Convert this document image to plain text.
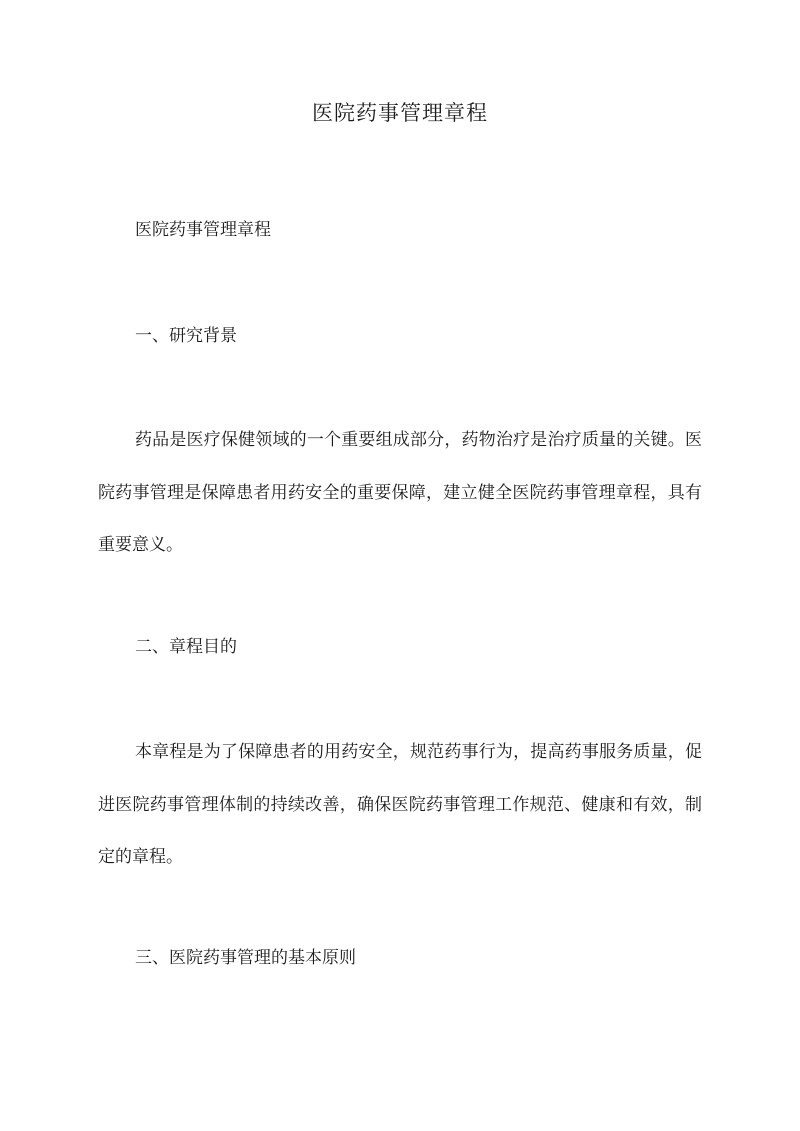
医院药事管理章程

医院药事管理章程

一、研究背景

药品是医疗保健领域的一个重要组成部分，药物治疗是治疗质量的关键。医院药事管理是保障患者用药安全的重要保障，建立健全医院药事管理章程，具有重要意义。

二、章程目的

本章程是为了保障患者的用药安全，规范药事行为，提高药事服务质量，促进医院药事管理体制的持续改善，确保医院药事管理工作规范、健康和有效，制定的章程。

三、医院药事管理的基本原则
